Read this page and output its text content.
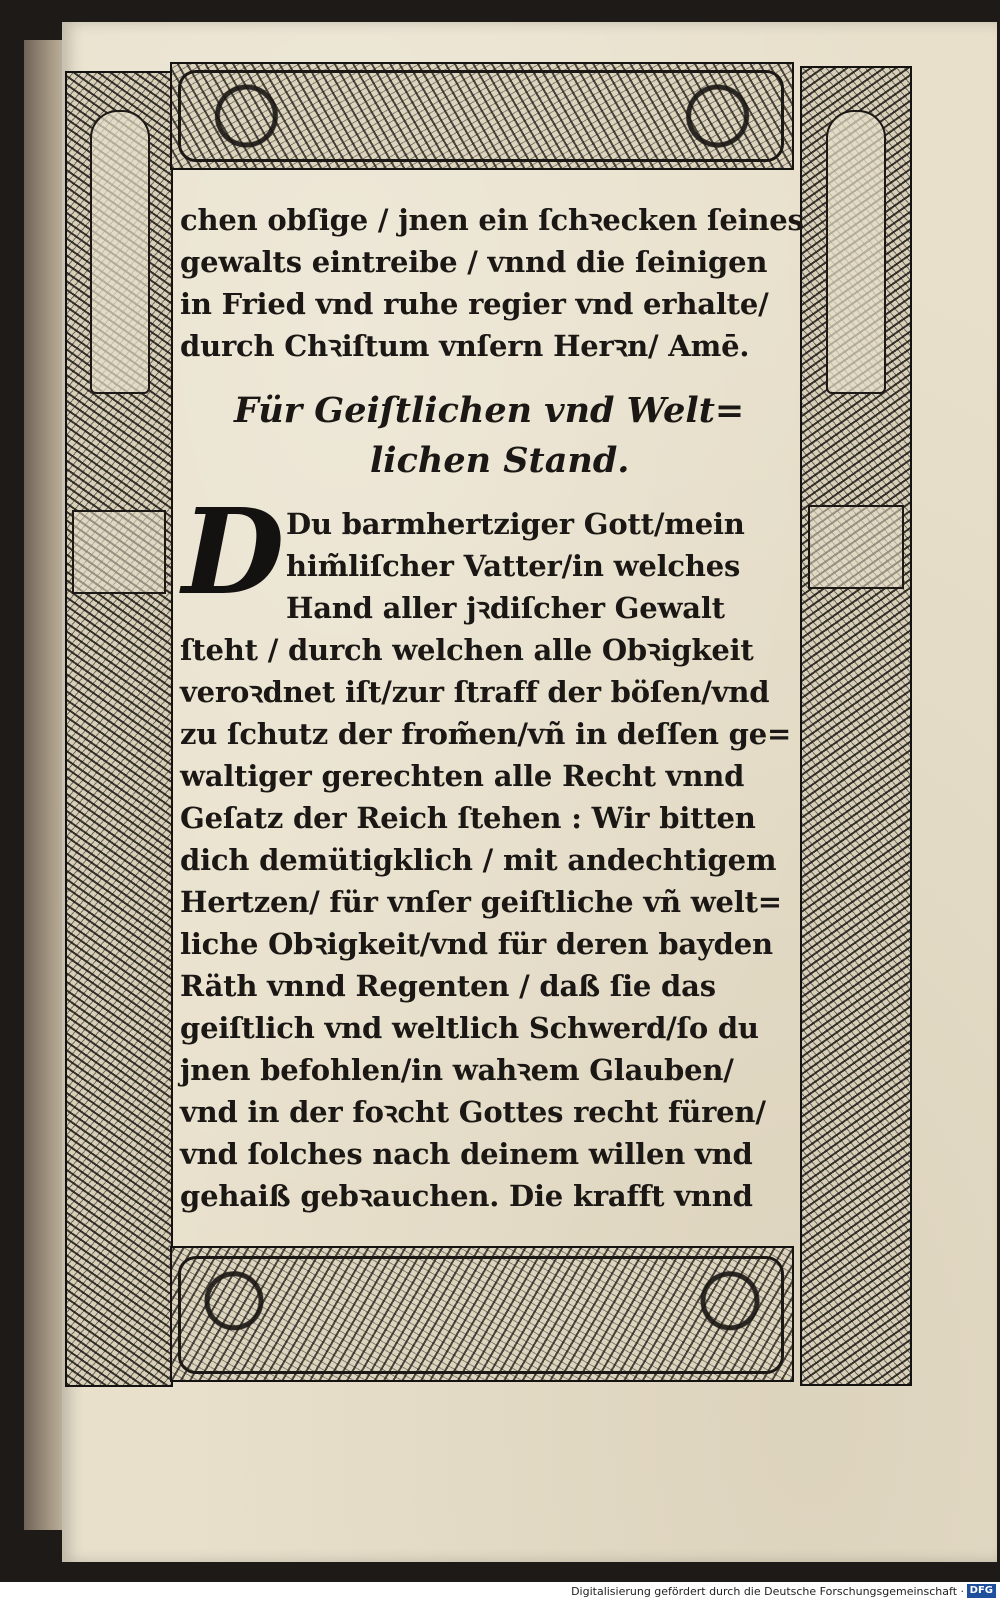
chen obſige / jnen ein ſchꝛecken ſeines
gewalts eintreibe / vnnd die ſeinigen
in Fried vnd ruhe regier vnd erhalte/
durch Chꝛiſtum vnſern Herꝛn/ Amē.
Für Geiſtlichen vnd Welt=
lichen Stand.
D Du barmhertziger Gott/mein
him̃liſcher Vatter/in welches
Hand aller jꝛdiſcher Gewalt
ſteht / durch welchen alle Obꝛigkeit
veroꝛdnet iſt/zur ſtraff der böſen/vnd
zu ſchutz der from̃en/vñ in deſſen ge=
waltiger gerechten alle Recht vnnd
Geſatz der Reich ſtehen : Wir bitten
dich demütigklich / mit andechtigem
Hertzen/ für vnſer geiſtliche vñ welt=
liche Obꝛigkeit/vnd für deren bayden
Räth vnnd Regenten / daß ſie das
geiſtlich vnd weltlich Schwerd/ſo du
jnen befohlen/in wahꝛem Glauben/
vnd in der foꝛcht Gottes recht füren/
vnd ſolches nach deinem willen vnd
gehaiß gebꝛauchen. Die krafft vnnd
Digitalisierung gefördert durch die Deutsche Forschungsgemeinschaft · DFG
